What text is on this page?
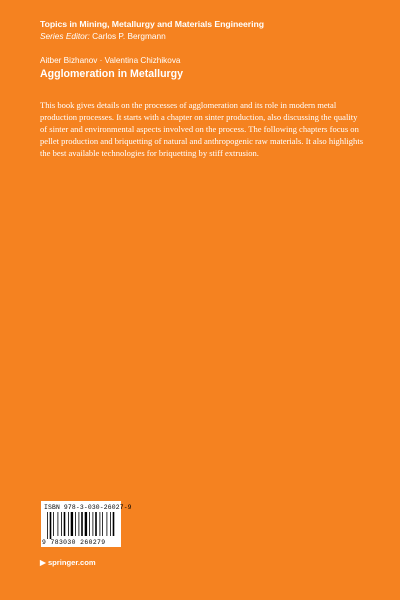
Topics in Mining, Metallurgy and Materials Engineering
Series Editor: Carlos P. Bergmann
Aitber Bizhanov · Valentina Chizhikova
Agglomeration in Metallurgy
This book gives details on the processes of agglomeration and its role in modern metal production processes. It starts with a chapter on sinter production, also discussing the quality of sinter and environmental aspects involved on the process. The following chapters focus on pellet production and briquetting of natural and anthropogenic raw materials. It also highlights the best available technologies for briquetting by stiff extrusion.
ISBN 978-3-030-26027-9
9 783030 260279
▶ springer.com
